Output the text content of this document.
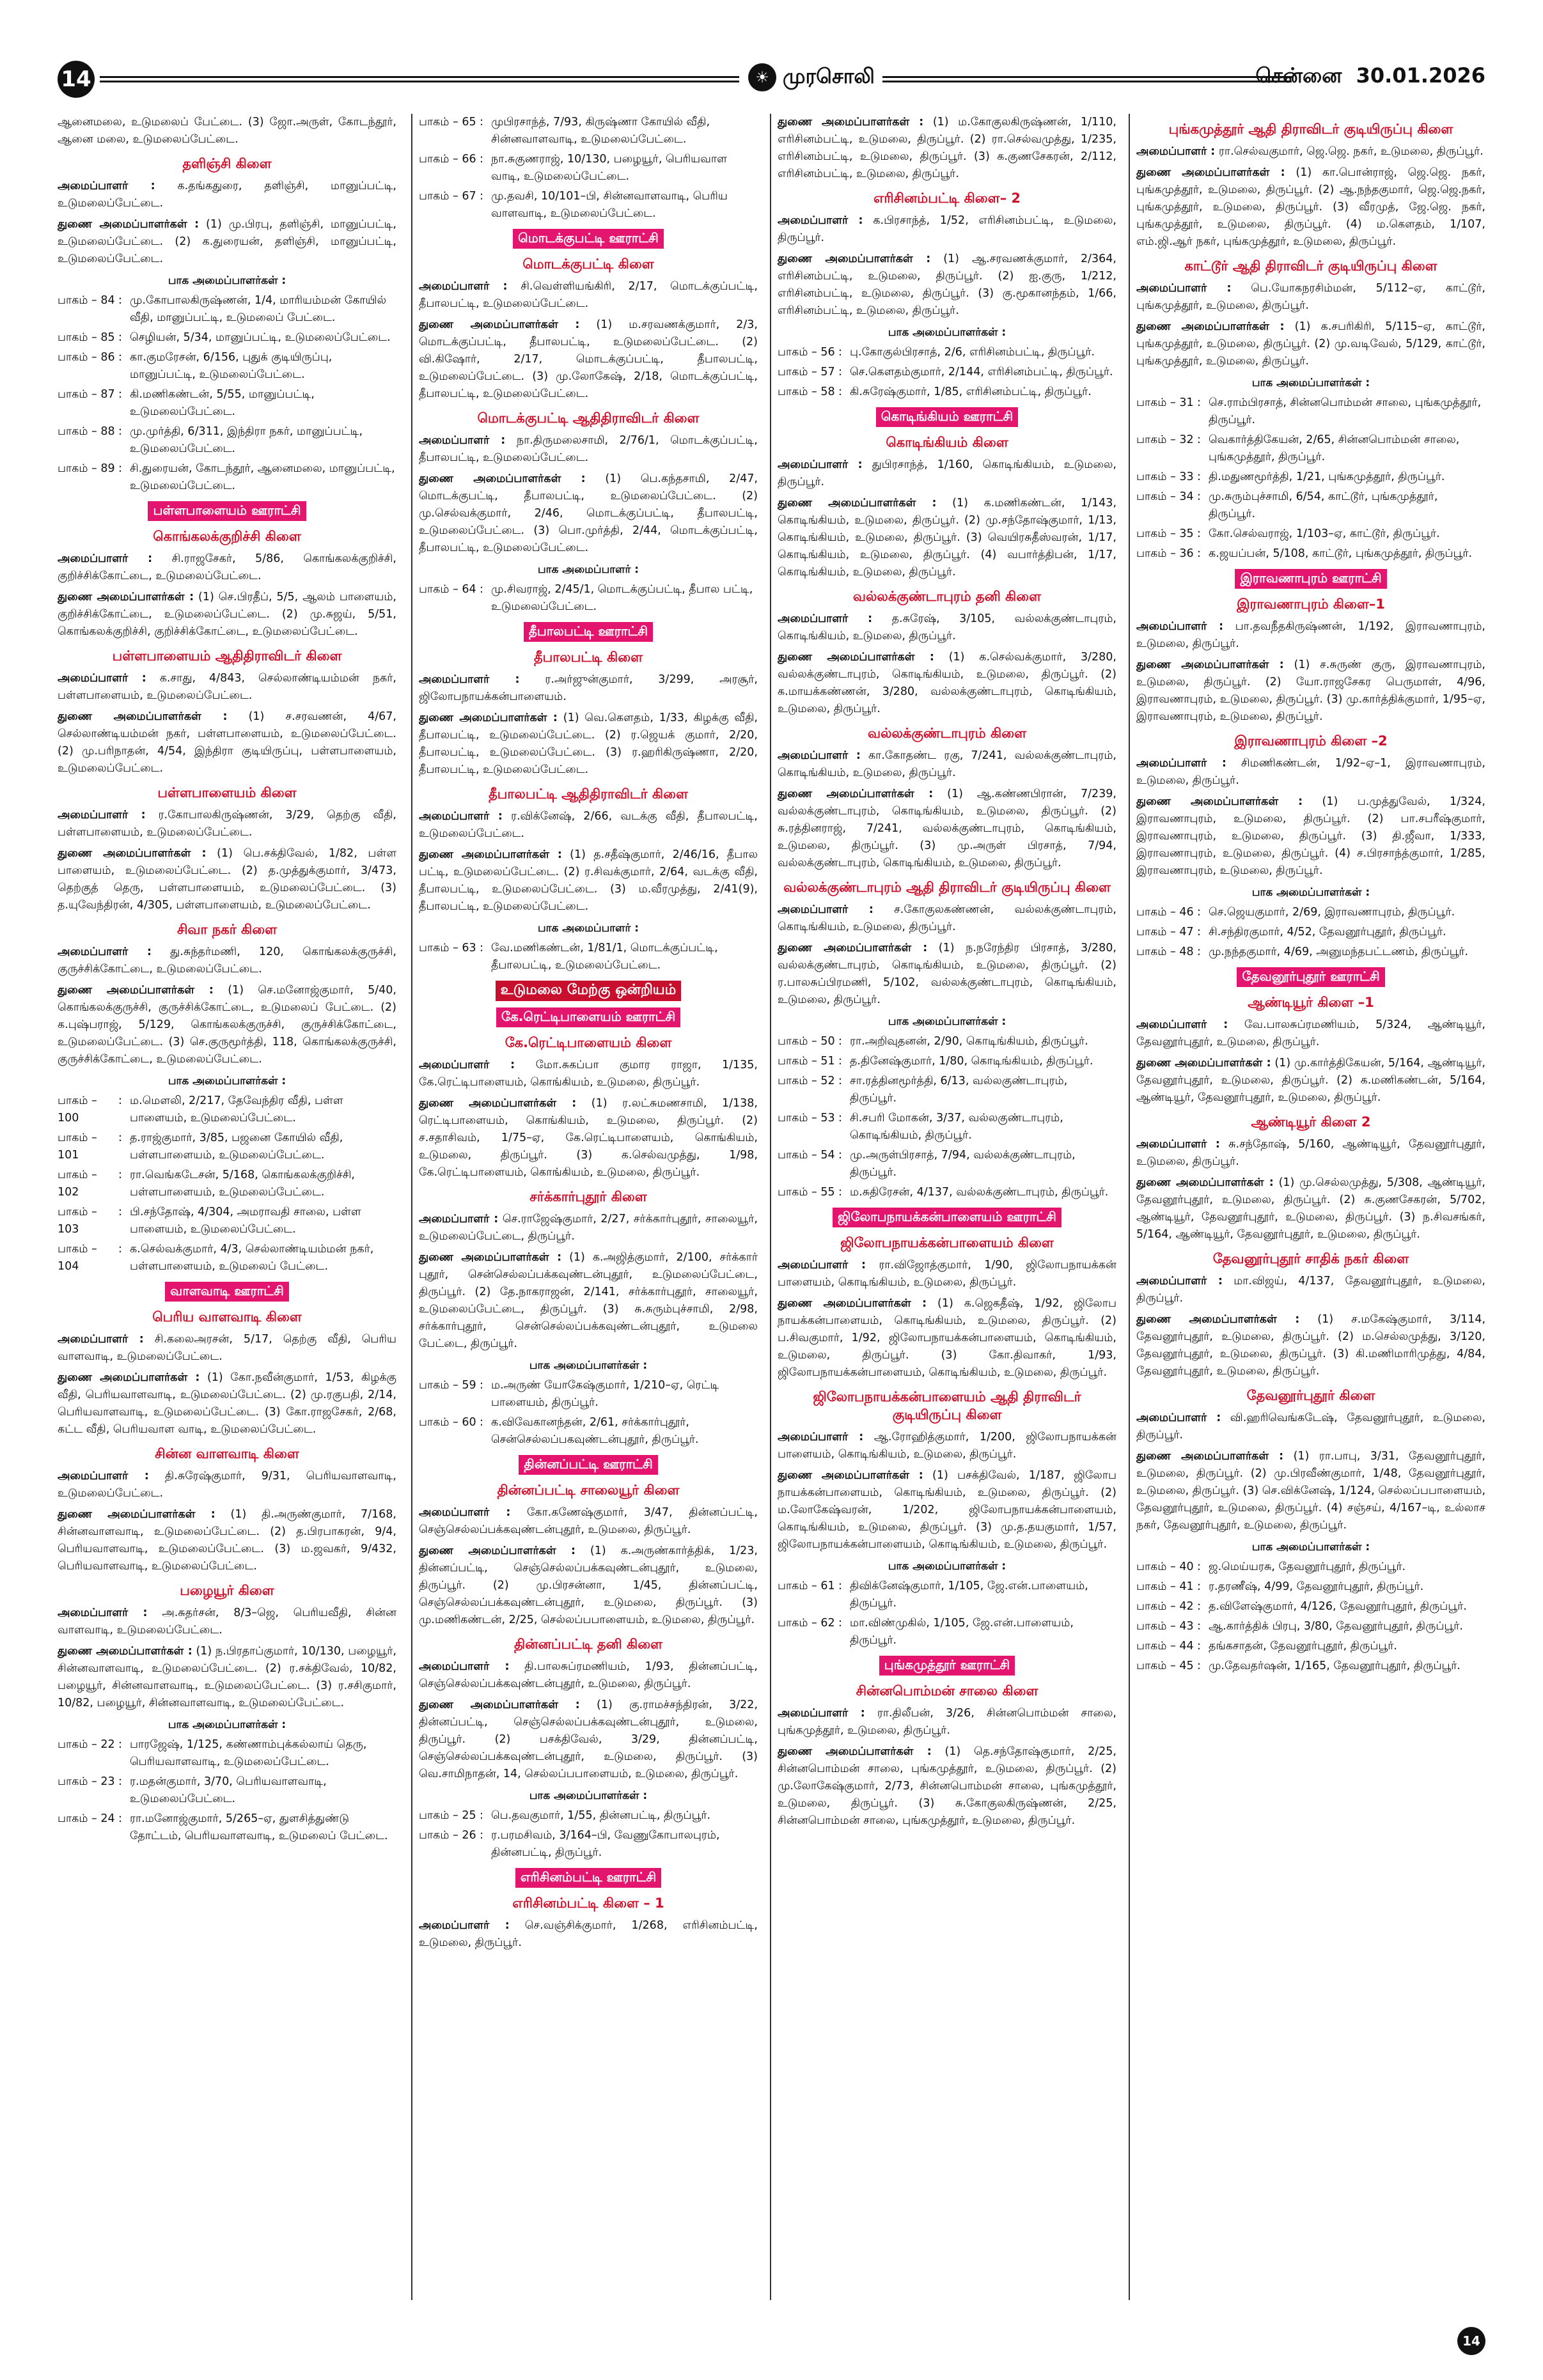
14	☀ முரசொலி	சென்னை 30.01.2026

ஆனைமலை, உடுமலைப் பேட்டை. (3) ஜோ.அருள், கோடந்தூர், ஆனை மலை, உடுமலைப்பேட்டை.

தளிஞ்சி கிளை

அமைப்பாளர் : க.தங்கதுரை, தளிஞ்சி, மானுப்பட்டி, உடுமலைப்பேட்டை.

துணை அமைப்பாளர்கள் : (1) மு.பிரபு, தளிஞ்சி, மானுப்பட்டி, உடுமலைப்பேட்டை. (2) க.துரையன், தளிஞ்சி, மானுப்பட்டி, உடுமலைப்பேட்டை.

பாக அமைப்பாளர்கள் :
பாகம் – 84 : மு.கோபாலகிருஷ்ணன், 1/4, மாரியம்மன் கோயில் வீதி, மானுப்பட்டி, உடுமலைப் பேட்டை.
பாகம் – 85 : செழியன், 5/34, மானுப்பட்டி, உடுமலைப்பேட்டை.
பாகம் – 86 : கா.குமரேசன், 6/156, புதுக் குடியிருப்பு, மானுப்பட்டி, உடுமலைப்பேட்டை.
பாகம் – 87 : கி.மணிகண்டன், 5/55, மானுப்பட்டி, உடுமலைப்பேட்டை.
பாகம் – 88 : மு.முர்த்தி, 6/311, இந்திரா நகர், மானுப்பட்டி, உடுமலைப்பேட்டை.
பாகம் – 89 : சி.துரையன், கோடந்தூர், ஆனைமலை, மானுப்பட்டி, உடுமலைப்பேட்டை.
பள்ளபாளையம் ஊராட்சி
கொங்கலக்குறிச்சி கிளை

அமைப்பாளர் : சி.ராஜசேகர், 5/86, கொங்கலக்குறிச்சி, குறிச்சிக்கோட்டை, உடுமலைப்பேட்டை.

துணை அமைப்பாளர்கள் : (1) செ.பிரதீப், 5/5, ஆலம் பாளையம், குறிச்சிக்கோட்டை, உடுமலைப்பேட்டை. (2) மு.சுஜய், 5/51, கொங்கலக்குறிச்சி, குறிச்சிக்கோட்டை, உடுமலைப்பேட்டை.

பள்ளபாளையம் ஆதிதிராவிடர் கிளை

அமைப்பாளர் : க.சாது, 4/843, செல்லாண்டியம்மன் நகர், பள்ளபாளையம், உடுமலைப்பேட்டை.

துணை அமைப்பாளர்கள் : (1) ச.சரவணன், 4/67, செல்லாண்டியம்மன் நகர், பள்ளபாளையம், உடுமலைப்பேட்டை. (2) மு.பரிநாதன், 4/54, இந்திரா குடியிருப்பு, பள்ளபாளையம், உடுமலைப்பேட்டை.

பள்ளபாளையம் கிளை

அமைப்பாளர் : ர.கோபாலகிருஷ்ணன், 3/29, தெற்கு வீதி, பள்ளபாளையம், உடுமலைப்பேட்டை.

துணை அமைப்பாளர்கள் : (1) பெ.சக்திவேல், 1/82, பள்ள பாளையம், உடுமலைப்பேட்டை. (2) த.முத்துக்குமார், 3/473, தெற்குத் தெரு, பள்ளபாளையம், உடுமலைப்பேட்டை. (3) த.யுவேந்திரன், 4/305, பள்ளபாளையம், உடுமலைப்பேட்டை.

சிவா நகர் கிளை

அமைப்பாளர் : து.சுந்தர்மணி, 120, கொங்கலக்குருச்சி, குருச்சிக்கோட்டை, உடுமலைப்பேட்டை.

துணை அமைப்பாளர்கள் : (1) செ.மனோஜ்குமார், 5/40, கொங்கலக்குருச்சி, குருச்சிக்கோட்டை, உடுமலைப் பேட்டை. (2) க.புஷ்பராஜ், 5/129, கொங்கலக்குருச்சி, குருச்சிக்கோட்டை, உடுமலைப்பேட்டை. (3) செ.குருமூர்த்தி, 118, கொங்கலக்குருச்சி, குருச்சிக்கோட்டை, உடுமலைப்பேட்டை.

பாக அமைப்பாளர்கள் :
பாகம் – 100
: ம.மௌலி, 2/217, தேவேந்திர வீதி, பள்ள பாளையம், உடுமலைப்பேட்டை.
பாகம் – 101
: த.ராஜ்குமார், 3/85, பஜனை கோயில் வீதி, பள்ளபாளையம், உடுமலைப்பேட்டை.
பாகம் – 102
: ரா.வெங்கடேசன், 5/168, கொங்கலக்குறிச்சி, பள்ளபாளையம், உடுமலைப்பேட்டை.
பாகம் – 103
: பி.சந்தோஷ், 4/304, அமராவதி சாலை, பள்ள பாளையம், உடுமலைப்பேட்டை.
பாகம் – 104
: க.செல்வக்குமார், 4/3, செல்லாண்டியம்மன் நகர், பள்ளபாளையம், உடுமலைப் பேட்டை.
வாளவாடி ஊராட்சி
பெரிய வாளவாடி கிளை

அமைப்பாளர் : சி.கலைஅரசன், 5/17, தெற்கு வீதி, பெரிய வாளவாடி, உடுமலைப்பேட்டை.

துணை அமைப்பாளர்கள் : (1) கோ.நவீன்குமார், 1/53, கிழக்கு வீதி, பெரியவாளவாடி, உடுமலைப்பேட்டை. (2) மு.ரகுபதி, 2/14, பெரியவாளவாடி, உடுமலைப்பேட்டை. (3) கோ.ராஜசேகர், 2/68, கட்ட வீதி, பெரியவாள வாடி, உடுமலைப்பேட்டை.

சின்ன வாளவாடி கிளை

அமைப்பாளர் : தி.சுரேஷ்குமார், 9/31, பெரியவாளவாடி, உடுமலைப்பேட்டை.

துணை அமைப்பாளர்கள் : (1) தி.அருண்குமார், 7/168, சின்னவாளவாடி, உடுமலைப்பேட்டை. (2) த.பிரபாகரன், 9/4, பெரியவாளவாடி, உடுமலைப்பேட்டை. (3) ம.ஜவகர், 9/432, பெரியவாளவாடி, உடுமலைப்பேட்டை.

பழையூர் கிளை

அமைப்பாளர் : அ.சுதர்சன், 8/3–ஜெ, பெரியவீதி, சின்ன வாளவாடி, உடுமலைப்பேட்டை.

துணை அமைப்பாளர்கள் : (1) ந.பிரதாப்குமார், 10/130, பழையூர், சின்னவாளவாடி, உடுமலைப்பேட்டை. (2) ர.சக்திவேல், 10/82, பழையூர், சின்னவாளவாடி, உடுமலைப்பேட்டை. (3) ர.சசிகுமார், 10/82, பழையூர், சின்னவாளவாடி, உடுமலைப்பேட்டை.

பாக அமைப்பாளர்கள் :
பாகம் – 22 : பாரஜேஷ், 1/125, கண்ணாம்புக்கல்லாய் தெரு, பெரியவாளவாடி, உடுமலைப்பேட்டை.
பாகம் – 23 : ர.மதன்குமார், 3/70, பெரியவாளவாடி, உடுமலைப்பேட்டை.
பாகம் – 24 : ரா.மனோஜ்குமார், 5/265–ஏ, துளசித்துண்டு தோட்டம், பெரியவாளவாடி, உடுமலைப் பேட்டை.
பாகம் – 65 : முபிரசாந்த், 7/93, கிருஷ்ணா கோயில் வீதி, சின்னவாளவாடி, உடுமலைப்பேட்டை.
பாகம் – 66 : நா.சுகுணராஜ், 10/130, பழையூர், பெரியவாள வாடி, உடுமலைப்பேட்டை.
பாகம் – 67 : மு.தவசி, 10/101–பி, சின்னவாளவாடி, பெரிய வாளவாடி, உடுமலைப்பேட்டை.
மொடக்குபட்டி ஊராட்சி
மொடக்குபட்டி கிளை

அமைப்பாளர் : சி.வெள்ளியங்கிரி, 2/17, மொடக்குப்பட்டி, தீபாலபட்டி, உடுமலைப்பேட்டை.

துணை அமைப்பாளர்கள் : (1) ம.சரவணக்குமார், 2/3, மொடக்குப்பட்டி, தீபாலபட்டி, உடுமலைப்பேட்டை. (2) வி.கிஷோர், 2/17, மொடக்குப்பட்டி, தீபாலபட்டி, உடுமலைப்பேட்டை. (3) மு.லோகேஷ், 2/18, மொடக்குப்பட்டி, தீபாலபட்டி, உடுமலைப்பேட்டை.

மொடக்குபட்டி ஆதிதிராவிடர் கிளை

அமைப்பாளர் : நா.திருமலைசாமி, 2/76/1, மொடக்குப்பட்டி, தீபாலபட்டி, உடுமலைப்பேட்டை.

துணை அமைப்பாளர்கள் : (1) பெ.கந்தசாமி, 2/47, மொடக்குபட்டி, தீபாலபட்டி, உடுமலைப்பேட்டை. (2) மு.செல்வக்குமார், 2/46, மொடக்குப்பட்டி, தீபாலபட்டி, உடுமலைப்பேட்டை. (3) பொ.முர்த்தி, 2/44, மொடக்குப்பட்டி, தீபாலபட்டி, உடுமலைப்பேட்டை.

பாக அமைப்பாளர் :
பாகம் – 64 : மு.சிவராஜ், 2/45/1, மொடக்குப்பட்டி, தீபால பட்டி, உடுமலைப்பேட்டை.
தீபாலபட்டி ஊராட்சி
தீபாலபட்டி கிளை

அமைப்பாளர் : ர.அர்ஜுன்குமார், 3/299, அரசூர், ஜிலோபநாயக்கன்பாளையம்.

துணை அமைப்பாளர்கள் : (1) வெ.கௌதம், 1/33, கிழக்கு வீதி, தீபாலபட்டி, உடுமலைப்பேட்டை. (2) ர.ஜெயக் குமார், 2/20, தீபாலபட்டி, உடுமலைப்பேட்டை. (3) ர.ஹரிகிருஷ்ணா, 2/20, தீபாலபட்டி, உடுமலைப்பேட்டை.

தீபாலபட்டி ஆதிதிராவிடர் கிளை

அமைப்பாளர் : ர.விக்னேஷ், 2/66, வடக்கு வீதி, தீபாலபட்டி, உடுமலைப்பேட்டை.

துணை அமைப்பாளர்கள் : (1) த.சதீஷ்குமார், 2/46/16, தீபால பட்டி, உடுமலைப்பேட்டை. (2) ர.சிவக்குமார், 2/64, வடக்கு வீதி, தீபாலபட்டி, உடுமலைப்பேட்டை. (3) ம.வீரமுத்து, 2/41(9), தீபாலபட்டி, உடுமலைப்பேட்டை.

பாக அமைப்பாளர் :
பாகம் – 63 : வே.மணிகண்டன், 1/81/1, மொடக்குப்பட்டி, தீபாலபட்டி, உடுமலைப்பேட்டை.
உடுமலை மேற்கு ஒன்றியம்
கே.ரெட்டிபாளையம் ஊராட்சி
கே.ரெட்டிபாளையம் கிளை

அமைப்பாளர் : மோ.சுகப்பா குமார ராஜா, 1/135, கே.ரெட்டிபாளையம், கொங்கியம், உடுமலை, திருப்பூர்.

துணை அமைப்பாளர்கள் : (1) ர.லட்சுமணசாமி, 1/138, ரெட்டிபாளையம், கொங்கியம், உடுமலை, திருப்பூர். (2) ச.சதாசிவம், 1/75–ஏ, கே.ரெட்டிபாளையம், கொங்கியம், உடுமலை, திருப்பூர். (3) க.செல்வமுத்து, 1/98, கே.ரெட்டிபாளையம், கொங்கியம், உடுமலை, திருப்பூர்.

சர்க்கார்புதூர் கிளை

அமைப்பாளர் : செ.ராஜேஷ்குமார், 2/27, சர்க்கார்புதூர், சாலையூர், உடுமலைப்பேட்டை, திருப்பூர்.

துணை அமைப்பாளர்கள் : (1) க.அஜித்குமார், 2/100, சர்க்கார் புதூர், சென்செல்லப்பக்கவுண்டன்புதூர், உடுமலைப்பேட்டை, திருப்பூர். (2) தே.நாகராஜன், 2/141, சர்க்கார்புதூர், சாலையூர், உடுமலைப்பேட்டை, திருப்பூர். (3) சு.சுரும்புச்சாமி, 2/98, சர்க்கார்புதூர், சென்செல்லப்பக்கவுண்டன்புதூர், உடுமலை பேட்டை, திருப்பூர்.

பாக அமைப்பாளர்கள் :
பாகம் – 59 : ம.அருண் யோகேஷ்குமார், 1/210–ஏ, ரெட்டி பாளையம், திருப்பூர்.
பாகம் – 60 : க.விவேகானந்தன், 2/61, சர்க்கார்புதூர், சென்செல்லப்பகவுண்டன்புதூர், திருப்பூர்.
தின்னப்பட்டி ஊராட்சி
தின்னப்பட்டி சாலையூர் கிளை

அமைப்பாளர் : கோ.கணேஷ்குமார், 3/47, தின்னப்பட்டி, செஞ்செல்லப்பக்கவுண்டன்புதூர், உடுமலை, திருப்பூர்.

துணை அமைப்பாளர்கள் : (1) க.அருண்கார்த்திக், 1/23, தின்னப்பட்டி, செஞ்செல்லப்பக்கவுண்டன்புதூர், உடுமலை, திருப்பூர். (2) மு.பிரசன்னா, 1/45, தின்னப்பட்டி, செஞ்செல்லப்பக்கவுண்டன்புதூர், உடுமலை, திருப்பூர். (3) மு.மணிகண்டன், 2/25, செல்லப்பபாளையம், உடுமலை, திருப்பூர்.

தின்னப்பட்டி தனி கிளை

அமைப்பாளர் : தி.பாலசுப்ரமணியம், 1/93, தின்னப்பட்டி, செஞ்செல்லப்பக்கவுண்டன்புதூர், உடுமலை, திருப்பூர்.

துணை அமைப்பாளர்கள் : (1) கு.ராமச்சந்திரன், 3/22, தின்னப்பட்டி, செஞ்செல்லப்பக்கவுண்டன்புதூர், உடுமலை, திருப்பூர். (2) பசக்திவேல், 3/29, தின்னப்பட்டி, செஞ்செல்லப்பக்கவுண்டன்புதூர், உடுமலை, திருப்பூர். (3) வெ.சாமிநாதன், 14, செல்லப்பபாளையம், உடுமலை, திருப்பூர்.

பாக அமைப்பாளர்கள் :
பாகம் – 25 : பெ.தவகுமார், 1/55, தின்னபட்டி, திருப்பூர்.
பாகம் – 26 : ர.பரமசிவம், 3/164–பி, வேணுகோபாலபுரம், தின்னபட்டி, திருப்பூர்.
எரிசினம்பட்டி ஊராட்சி
எரிசினம்பட்டி கிளை – 1

அமைப்பாளர் : செ.வஞ்சிக்குமார், 1/268, எரிசினம்பட்டி, உடுமலை, திருப்பூர்.

துணை அமைப்பாளர்கள் : (1) ம.கோகுலகிருஷ்ணன், 1/110, எரிசினம்பட்டி, உடுமலை, திருப்பூர். (2) ரா.செல்வமுத்து, 1/235, எரிசினம்பட்டி, உடுமலை, திருப்பூர். (3) க.குணசேகரன், 2/112, எரிசினம்பட்டி, உடுமலை, திருப்பூர்.

எரிசினம்பட்டி கிளை– 2

அமைப்பாளர் : க.பிரசாந்த், 1/52, எரிசினம்பட்டி, உடுமலை, திருப்பூர்.

துணை அமைப்பாளர்கள் : (1) ஆ.சரவணக்குமார், 2/364, எரிசினம்பட்டி, உடுமலை, திருப்பூர். (2) ஐ.குரு, 1/212, எரிசினம்பட்டி, உடுமலை, திருப்பூர். (3) கு.மூகானந்தம், 1/66, எரிசினம்பட்டி, உடுமலை, திருப்பூர்.

பாக அமைப்பாளர்கள் :
பாகம் – 56 : பு.கோகுல்பிரசாத், 2/6, எரிசினம்பட்டி, திருப்பூர்.
பாகம் – 57 : செ.கௌதம்குமார், 2/144, எரிசினம்பட்டி, திருப்பூர்.
பாகம் – 58 : கி.சுரேஷ்குமார், 1/85, எரிசினம்பட்டி, திருப்பூர்.
கொடிங்கியம் ஊராட்சி
கொடிங்கியம் கிளை

அமைப்பாளர் : துபிரசாந்த், 1/160, கொடிங்கியம், உடுமலை, திருப்பூர்.

துணை அமைப்பாளர்கள் : (1) க.மணிகண்டன், 1/143, கொடிங்கியம், உடுமலை, திருப்பூர். (2) மு.சந்தோஷ்குமார், 1/13, கொடிங்கியம், உடுமலை, திருப்பூர். (3) வெயிரசுதீஸ்வரன், 1/17, கொடிங்கியம், உடுமலை, திருப்பூர். (4) வபார்த்திபன், 1/17, கொடிங்கியம், உடுமலை, திருப்பூர்.

வல்லக்குண்டாபுரம் தனி கிளை

அமைப்பாளர் : த.சுரேஷ், 3/105, வல்லக்குண்டாபுரம், கொடிங்கியம், உடுமலை, திருப்பூர்.

துணை அமைப்பாளர்கள் : (1) க.செல்வக்குமார், 3/280, வல்லக்குண்டாபுரம், கொடிங்கியம், உடுமலை, திருப்பூர். (2) க.மாயக்கண்ணன், 3/280, வல்லக்குண்டாபுரம், கொடிங்கியம், உடுமலை, திருப்பூர்.

வல்லக்குண்டாபுரம் கிளை

அமைப்பாளர் : கா.கோதண்ட ரகு, 7/241, வல்லக்குண்டாபுரம், கொடிங்கியம், உடுமலை, திருப்பூர்.

துணை அமைப்பாளர்கள் : (1) ஆ.கண்ணபிரான், 7/239, வல்லக்குண்டாபுரம், கொடிங்கியம், உடுமலை, திருப்பூர். (2) சு.ரத்தினராஜ், 7/241, வல்லக்குண்டாபுரம், கொடிங்கியம், உடுமலை, திருப்பூர். (3) மு.அருள் பிரசாத், 7/94, வல்லக்குண்டாபுரம், கொடிங்கியம், உடுமலை, திருப்பூர்.

வல்லக்குண்டாபுரம் ஆதி திராவிடர் குடியிருப்பு கிளை

அமைப்பாளர் : ச.கோகுலகண்ணன், வல்லக்குண்டாபுரம், கொடிங்கியம், உடுமலை, திருப்பூர்.

துணை அமைப்பாளர்கள் : (1) ந.நரேந்திர பிரசாத், 3/280, வல்லக்குண்டாபுரம், கொடிங்கியம், உடுமலை, திருப்பூர். (2) ர.பாலசுப்பிரமணி, 5/102, வல்லக்குண்டாபுரம், கொடிங்கியம், உடுமலை, திருப்பூர்.

பாக அமைப்பாளர்கள் :
பாகம் – 50 : ரா.அறிவுதனன், 2/90, கொடிங்கியம், திருப்பூர்.
பாகம் – 51 : த.தினேஷ்குமார், 1/80, கொடிங்கியம், திருப்பூர்.
பாகம் – 52 : சா.ரத்தினமூர்த்தி, 6/13, வல்லகுண்டாபுரம், திருப்பூர்.
பாகம் – 53 : சி.சபரி மோகன், 3/37, வல்லகுண்டாபுரம், கொடிங்கியம், திருப்பூர்.
பாகம் – 54 : மு.அருள்பிரசாத், 7/94, வல்லக்குண்டாபுரம், திருப்பூர்.
பாகம் – 55 : ம.சுதிரேசன், 4/137, வல்லக்குண்டாபுரம், திருப்பூர்.
ஜிலோபநாயக்கன்பாளையம் ஊராட்சி
ஜிலோபநாயக்கன்பாளையம் கிளை

அமைப்பாளர் : ரா.விஜோத்குமார், 1/90, ஜிலோபநாயக்கன் பாளையம், கொடிங்கியம், உடுமலை, திருப்பூர்.

துணை அமைப்பாளர்கள் : (1) க.ஜெகதீஷ், 1/92, ஜிலோப நாயக்கன்பாளையம், கொடிங்கியம், உடுமலை, திருப்பூர். (2) ப.சிவகுமார், 1/92, ஜிலோபநாயக்கன்பாளையம், கொடிங்கியம், உடுமலை, திருப்பூர். (3) கோ.திவாகர், 1/93, ஜிலோபநாயக்கன்பாளையம், கொடிங்கியம், உடுமலை, திருப்பூர்.

ஜிலோபநாயக்கன்பாளையம் ஆதி திராவிடர் குடியிருப்பு கிளை

அமைப்பாளர் : ஆ.ரோஹித்குமார், 1/200, ஜிலோபநாயக்கன் பாளையம், கொடிங்கியம், உடுமலை, திருப்பூர்.

துணை அமைப்பாளர்கள் : (1) பசக்திவேல், 1/187, ஜிலோப நாயக்கன்பாளையம், கொடிங்கியம், உடுமலை, திருப்பூர். (2) ம.லோகேஷ்வரன், 1/202, ஜிலோபநாயக்கன்பாளையம், கொடிங்கியம், உடுமலை, திருப்பூர். (3) மு.த.தயகுமார், 1/57, ஜிலோபநாயக்கன்பாளையம், கொடிங்கியம், உடுமலை, திருப்பூர்.

பாக அமைப்பாளர்கள் :
பாகம் – 61 : திவிக்னேஷ்குமார், 1/105, ஜே.என்.பாளையம், திருப்பூர்.
பாகம் – 62 : மா.விண்முகில், 1/105, ஜே.என்.பாளையம், திருப்பூர்.
புங்கமுத்தூர் ஊராட்சி
சின்னபொம்மன் சாலை கிளை

அமைப்பாளர் : ரா.திலீபன், 3/26, சின்னபொம்மன் சாலை, புங்கமுத்தூர், உடுமலை, திருப்பூர்.

துணை அமைப்பாளர்கள் : (1) தெ.சந்தோஷ்குமார், 2/25, சின்னபொம்மன் சாலை, புங்கமுத்தூர், உடுமலை, திருப்பூர். (2) மு.லோகேஷ்குமார், 2/73, சின்னபொம்மன் சாலை, புங்கமுத்தூர், உடுமலை, திருப்பூர். (3) சு.கோகுலகிருஷ்ணன், 2/25, சின்னபொம்மன் சாலை, புங்கமுத்தூர், உடுமலை, திருப்பூர்.

புங்கமுத்தூர் ஆதி திராவிடர் குடியிருப்பு கிளை

அமைப்பாளர் : ரா.செல்வகுமார், ஜெ.ஜெ. நகர், உடுமலை, திருப்பூர்.

துணை அமைப்பாளர்கள் : (1) கா.பொன்ராஜ், ஜெ.ஜெ. நகர், புங்கமுத்தூர், உடுமலை, திருப்பூர். (2) ஆ.நந்தகுமார், ஜெ.ஜெ.நகர், புங்கமுத்தூர், உடுமலை, திருப்பூர். (3) வீரமுத், ஜே.ஜெ. நகர், புங்கமுத்தூர், உடுமலை, திருப்பூர். (4) ம.கௌதம், 1/107, எம்.ஜி.ஆர் நகர், புங்கமுத்தூர், உடுமலை, திருப்பூர்.

காட்டூர் ஆதி திராவிடர் குடியிருப்பு கிளை

அமைப்பாளர் : பெ.யோகநரசிம்மன், 5/112–ஏ, காட்டூர், புங்கமுத்தூர், உடுமலை, திருப்பூர்.

துணை அமைப்பாளர்கள் : (1) க.சபரிகிரி, 5/115–ஏ, காட்டூர், புங்கமுத்தூர், உடுமலை, திருப்பூர். (2) மு.வடிவேல், 5/129, காட்டூர், புங்கமுத்தூர், உடுமலை, திருப்பூர்.

பாக அமைப்பாளர்கள் :
பாகம் – 31 : செ.ராம்பிரசாத், சின்னபொம்மன் சாலை, புங்கமுத்தூர், திருப்பூர்.
பாகம் – 32 : வெகார்த்திகேயன், 2/65, சின்னபொம்மன் சாலை, புங்கமுத்தூர், திருப்பூர்.
பாகம் – 33 : தி.மதுணமூர்த்தி, 1/21, புங்கமுத்தூர், திருப்பூர்.
பாகம் – 34 : மு.சுரும்புச்சாமி, 6/54, காட்டூர், புங்கமுத்தூர், திருப்பூர்.
பாகம் – 35 : கோ.செல்வராஜ், 1/103–ஏ, காட்டூர், திருப்பூர்.
பாகம் – 36 : க.ஜயப்பன், 5/108, காட்டூர், புங்கமுத்தூர், திருப்பூர்.
இராவணாபுரம் ஊராட்சி
இராவணாபுரம் கிளை–1

அமைப்பாளர் : பா.தவநீதகிருஷ்ணன், 1/192, இராவணாபுரம், உடுமலை, திருப்பூர்.

துணை அமைப்பாளர்கள் : (1) ச.சுருண் குரு, இராவணாபுரம், உடுமலை, திருப்பூர். (2) யோ.ராஜசேகர பெருமாள், 4/96, இராவணாபுரம், உடுமலை, திருப்பூர். (3) மு.கார்த்திக்குமார், 1/95–ஏ, இராவணாபுரம், உடுமலை, திருப்பூர்.

இராவணாபுரம் கிளை –2

அமைப்பாளர் : சிமணிகண்டன், 1/92–ஏ–1, இராவணாபுரம், உடுமலை, திருப்பூர்.

துணை அமைப்பாளர்கள் : (1) ப.முத்துவேல், 1/324, இராவணாபுரம், உடுமலை, திருப்பூர். (2) பா.சபரீஷ்குமார், இராவணாபுரம், உடுமலை, திருப்பூர். (3) தி.ஜீவா, 1/333, இராவணாபுரம், உடுமலை, திருப்பூர். (4) ச.பிரசாந்த்குமார், 1/285, இராவணாபுரம், உடுமலை, திருப்பூர்.

பாக அமைப்பாளர்கள் :
பாகம் – 46 : செ.ஜெயகுமார், 2/69, இராவணாபுரம், திருப்பூர்.
பாகம் – 47 : சி.சந்திரகுமார், 4/52, தேவனூர்புதூர், திருப்பூர்.
பாகம் – 48 : மு.நந்தகுமார், 4/69, அனுமந்தபட்டணம், திருப்பூர்.
தேவனூர்புதூர் ஊராட்சி
ஆண்டியூர் கிளை –1

அமைப்பாளர் : வே.பாலசுப்ரமணியம், 5/324, ஆண்டியூர், தேவனூர்புதூர், உடுமலை, திருப்பூர்.

துணை அமைப்பாளர்கள் : (1) மு.கார்த்திகேயன், 5/164, ஆண்டியூர், தேவனூர்புதூர், உடுமலை, திருப்பூர். (2) க.மணிகண்டன், 5/164, ஆண்டியூர், தேவனூர்புதூர், உடுமலை, திருப்பூர்.

ஆண்டியூர் கிளை 2

அமைப்பாளர் : சு.சந்தோஷ், 5/160, ஆண்டியூர், தேவனூர்புதூர், உடுமலை, திருப்பூர்.

துணை அமைப்பாளர்கள் : (1) மு.செல்லமுத்து, 5/308, ஆண்டியூர், தேவனூர்புதூர், உடுமலை, திருப்பூர். (2) சு.குணசேகரன், 5/702, ஆண்டியூர், தேவனூர்புதூர், உடுமலை, திருப்பூர். (3) ந.சிவசங்கர், 5/164, ஆண்டியூர், தேவனூர்புதூர், உடுமலை, திருப்பூர்.

தேவனூர்புதூர் சாதிக் நகர் கிளை

அமைப்பாளர் : மா.விஜய், 4/137, தேவனூர்புதூர், உடுமலை, திருப்பூர்.

துணை அமைப்பாளர்கள் : (1) ச.மகேஷ்குமார், 3/114, தேவனூர்புதூர், உடுமலை, திருப்பூர். (2) ம.செல்லமுத்து, 3/120, தேவனூர்புதூர், உடுமலை, திருப்பூர். (3) கி.மணிமாரிமுத்து, 4/84, தேவனூர்புதூர், உடுமலை, திருப்பூர்.

தேவனூர்புதூர் கிளை

அமைப்பாளர் : வி.ஹரிவெங்கடேஷ், தேவனூர்புதூர், உடுமலை, திருப்பூர்.

துணை அமைப்பாளர்கள் : (1) ரா.பாபு, 3/31, தேவனூர்புதூர், உடுமலை, திருப்பூர். (2) மு.பிரவீண்குமார், 1/48, தேவனூர்புதூர், உடுமலை, திருப்பூர். (3) செ.விக்னேஷ், 1/124, செல்லப்பபாளையம், தேவனூர்புதூர், உடுமலை, திருப்பூர். (4) சஞ்சய், 4/167–டி, உல்லாச நகர், தேவனூர்புதூர், உடுமலை, திருப்பூர்.

பாக அமைப்பாளர்கள் :
பாகம் – 40 : ஜ.மெய்யரசு, தேவனூர்புதூர், திருப்பூர்.
பாகம் – 41 : ர.தரணீஷ், 4/99, தேவனூர்புதூர், திருப்பூர்.
பாகம் – 42 : த.விளேஷ்குமார், 4/126, தேவனூர்புதூர், திருப்பூர்.
பாகம் – 43 : ஆ.கார்த்திக் பிரபு, 3/80, தேவனூர்புதூர், திருப்பூர்.
பாகம் – 44 : தங்கசாதன், தேவனூர்புதூர், திருப்பூர்.
பாகம் – 45 : மு.தேவதர்ஷன், 1/165, தேவனூர்புதூர், திருப்பூர்.
14
